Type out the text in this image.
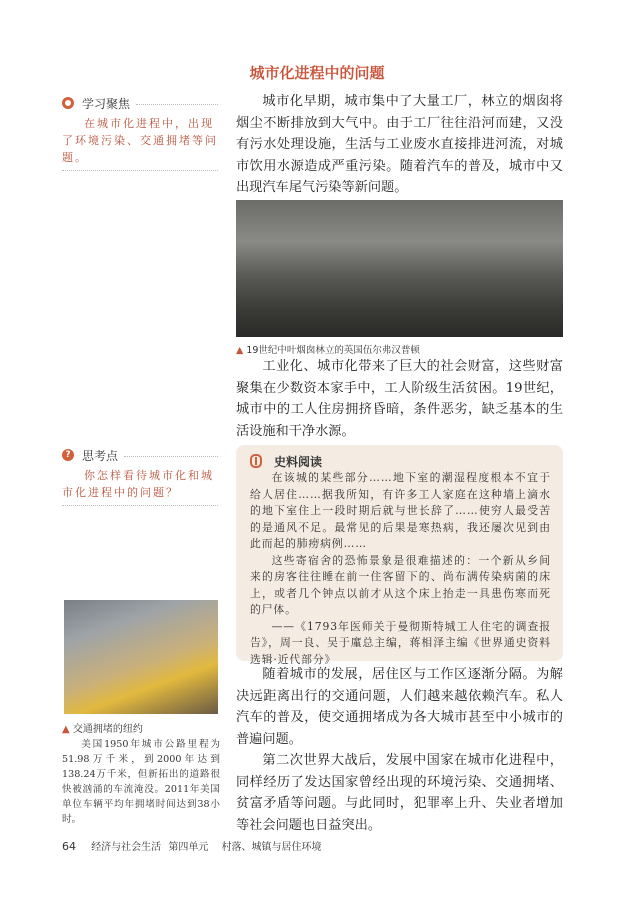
城市化进程中的问题
学习聚焦
在城市化进程中，出现了环境污染、交通拥堵等问题。
? 思考点
你怎样看待城市化和城市化进程中的问题？

城市化早期，城市集中了大量工厂，林立的烟囱将烟尘不断排放到大气中。由于工厂往往沿河而建，又没有污水处理设施，生活与工业废水直接排进河流，对城市饮用水源造成严重污染。随着汽车的普及，城市中又出现汽车尾气污染等新问题。

▲ 19世纪中叶烟囱林立的英国伍尔弗汉普顿

工业化、城市化带来了巨大的社会财富，这些财富聚集在少数资本家手中，工人阶级生活贫困。19世纪，城市中的工人住房拥挤昏暗，条件恶劣，缺乏基本的生活设施和干净水源。

史料阅读

在该城的某些部分……地下室的潮湿程度根本不宜于给人居住……据我所知，有许多工人家庭在这种墙上滴水的地下室住上一段时期后就与世长辞了……使穷人最受苦的是通风不足。最常见的后果是寒热病，我还屡次见到由此而起的肺痨病例……

这些寄宿舍的恐怖景象是很难描述的：一个新从乡间来的房客往往睡在前一住客留下的、尚布满传染病菌的床上，或者几个钟点以前才从这个床上抬走一具患伤寒而死的尸体。

——《1793年医师关于曼彻斯特城工人住宅的调查报告》，周一良、吴于廑总主编，蒋相泽主编《世界通史资料选辑·近代部分》

随着城市的发展，居住区与工作区逐渐分隔。为解决远距离出行的交通问题，人们越来越依赖汽车。私人汽车的普及，使交通拥堵成为各大城市甚至中小城市的普遍问题。

第二次世界大战后，发展中国家在城市化进程中，同样经历了发达国家曾经出现的环境污染、交通拥堵、贫富矛盾等问题。与此同时，犯罪率上升、失业者增加等社会问题也日益突出。

▲ 交通拥堵的纽约
美国1950年城市公路里程为51.98万千米，到2000年达到138.24万千米，但新拓出的道路很快被汹涌的车流淹没。2011年美国单位车辆平均年拥堵时间达到38小时。
64 经济与社会生活 第四单元 村落、城镇与居住环境
